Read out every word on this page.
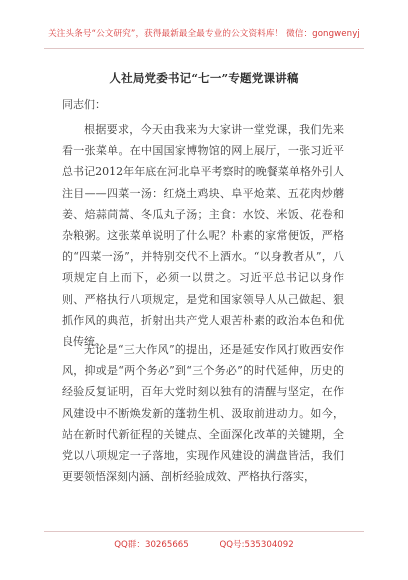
关注头条号“公文研究”，获得最新最全最专业的公文资料库！ 微信：gongwenyj
人社局党委书记“七一”专题党课讲稿
同志们：

根据要求，今天由我来为大家讲一堂党课，我们先来看一张菜单。在中国国家博物馆的网上展厅，一张习近平总书记2012年年底在河北阜平考察时的晚餐菜单格外引人注目——四菜一汤：红烧土鸡块、阜平炝菜、五花肉炒蘑姜、焙蒜茼蒿、冬瓜丸子汤；主食：水饺、米饭、花卷和杂粮粥。这张菜单说明了什么呢？朴素的家常便饭，严格的“四菜一汤”，并特别交代不上酒水。“以身教者从”，八项规定自上而下，必须一以贯之。习近平总书记以身作则、严格执行八项规定，是党和国家领导人从己做起、狠抓作风的典范，折射出共产党人艰苦朴素的政治本色和优良传统。

无论是“三大作风”的提出，还是延安作风打败西安作风，抑或是“两个务必”到“三个务必”的时代延伸，历史的经验反复证明，百年大党时刻以独有的清醒与坚定，在作风建设中不断焕发新的蓬勃生机、汲取前进动力。如今，站在新时代新征程的关键点、全面深化改革的关键期，全党以八项规定一子落地，实现作风建设的满盘皆活，我们更要领悟深刻内涵、剖析经验成效、严格执行落实，

QQ群：30265665	QQ号:535304092
